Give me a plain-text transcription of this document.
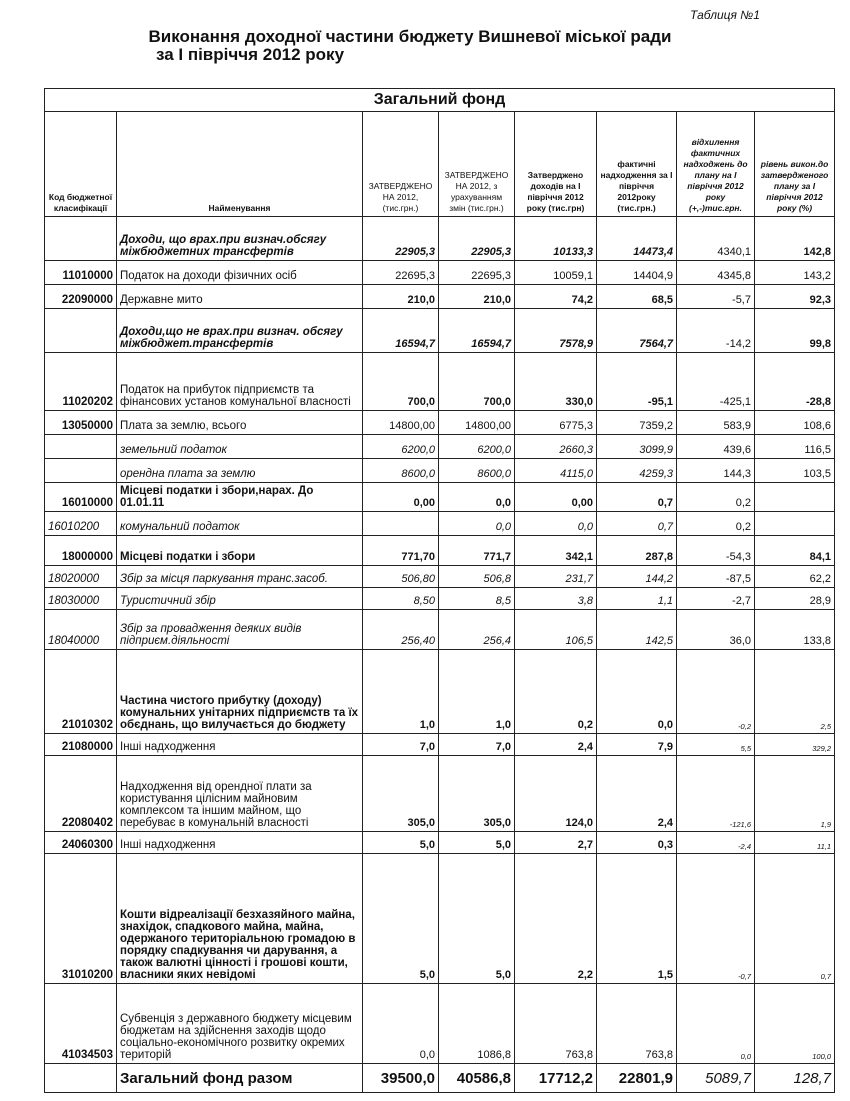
Таблиця №1
Виконання доходної частини бюджету Вишневої міської ради
за І півріччя 2012 року
Загальний фонд							
Код бюджетної класифікації	Найменування	ЗАТВЕРДЖЕНО НА 2012, (тис.грн.)	ЗАТВЕРДЖЕНО НА 2012, з урахуванням змін (тис.грн.)	Затверджено доходів на І півріччя 2012 року (тис.грн)	фактичні надходження за І півріччя 2012року (тис.грн.)	відхилення фактичних надходжень до плану на І півріччя 2012 року (+,-)тис.грн.	рівень викон.до затвердженого плану за І півріччя 2012 року (%)
	Доходи, що врах.при визнач.обсягу міжбюджетних трансфертів	22905,3	22905,3	10133,3	14473,4	4340,1	142,8
11010000	Податок на доходи фізичних осіб	22695,3	22695,3	10059,1	14404,9	4345,8	143,2
22090000	Державне мито	210,0	210,0	74,2	68,5	-5,7	92,3
	Доходи,що не врах.при визнач. обсягу міжбюджет.трансфертів	16594,7	16594,7	7578,9	7564,7	-14,2	99,8
11020202	Податок на прибуток підприємств та фінансових установ комунальної власності	700,0	700,0	330,0	-95,1	-425,1	-28,8
13050000	Плата за землю, всього	14800,00	14800,00	6775,3	7359,2	583,9	108,6
	земельний податок	6200,0	6200,0	2660,3	3099,9	439,6	116,5
	орендна плата за землю	8600,0	8600,0	4115,0	4259,3	144,3	103,5
16010000	Місцеві податки і збори,нарах. До 01.01.11	0,00	0,0	0,00	0,7	0,2	
16010200	комунальний податок		0,0	0,0	0,7	0,2	
18000000	Місцеві податки і збори	771,70	771,7	342,1	287,8	-54,3	84,1
18020000	Збір за місця паркування транс.засоб.	506,80	506,8	231,7	144,2	-87,5	62,2
18030000	Туристичний збір	8,50	8,5	3,8	1,1	-2,7	28,9
18040000	Збір за провадження деяких видів підприєм.діяльності	256,40	256,4	106,5	142,5	36,0	133,8
21010302	Частина чистого прибутку (доходу) комунальних унітарних підприємств та їх обєднань, що вилучається до бюджету	1,0	1,0	0,2	0,0	-0,2	2,5
21080000	Інші надходження	7,0	7,0	2,4	7,9	5,5	329,2
22080402	Надходження від орендної плати за користування цілісним майновим комплексом та іншим майном, що перебуває в комунальній власності	305,0	305,0	124,0	2,4	-121,6	1,9
24060300	Інші надходження	5,0	5,0	2,7	0,3	-2,4	11,1
31010200	Кошти відреалізації безхазяйного майна, знахідок, спадкового майна, майна, одержаного територіальною громадою в порядку спадкування чи дарування, а також валютні цінності і грошові кошти, власники яких невідомі	5,0	5,0	2,2	1,5	-0,7	0,7
41034503	Субвенція з державного бюджету місцевим бюджетам на здійснення заходів щодо соціально-економічного розвитку окремих територій	0,0	1086,8	763,8	763,8	0,0	100,0
	Загальний фонд разом	39500,0	40586,8	17712,2	22801,9	5089,7	128,7
